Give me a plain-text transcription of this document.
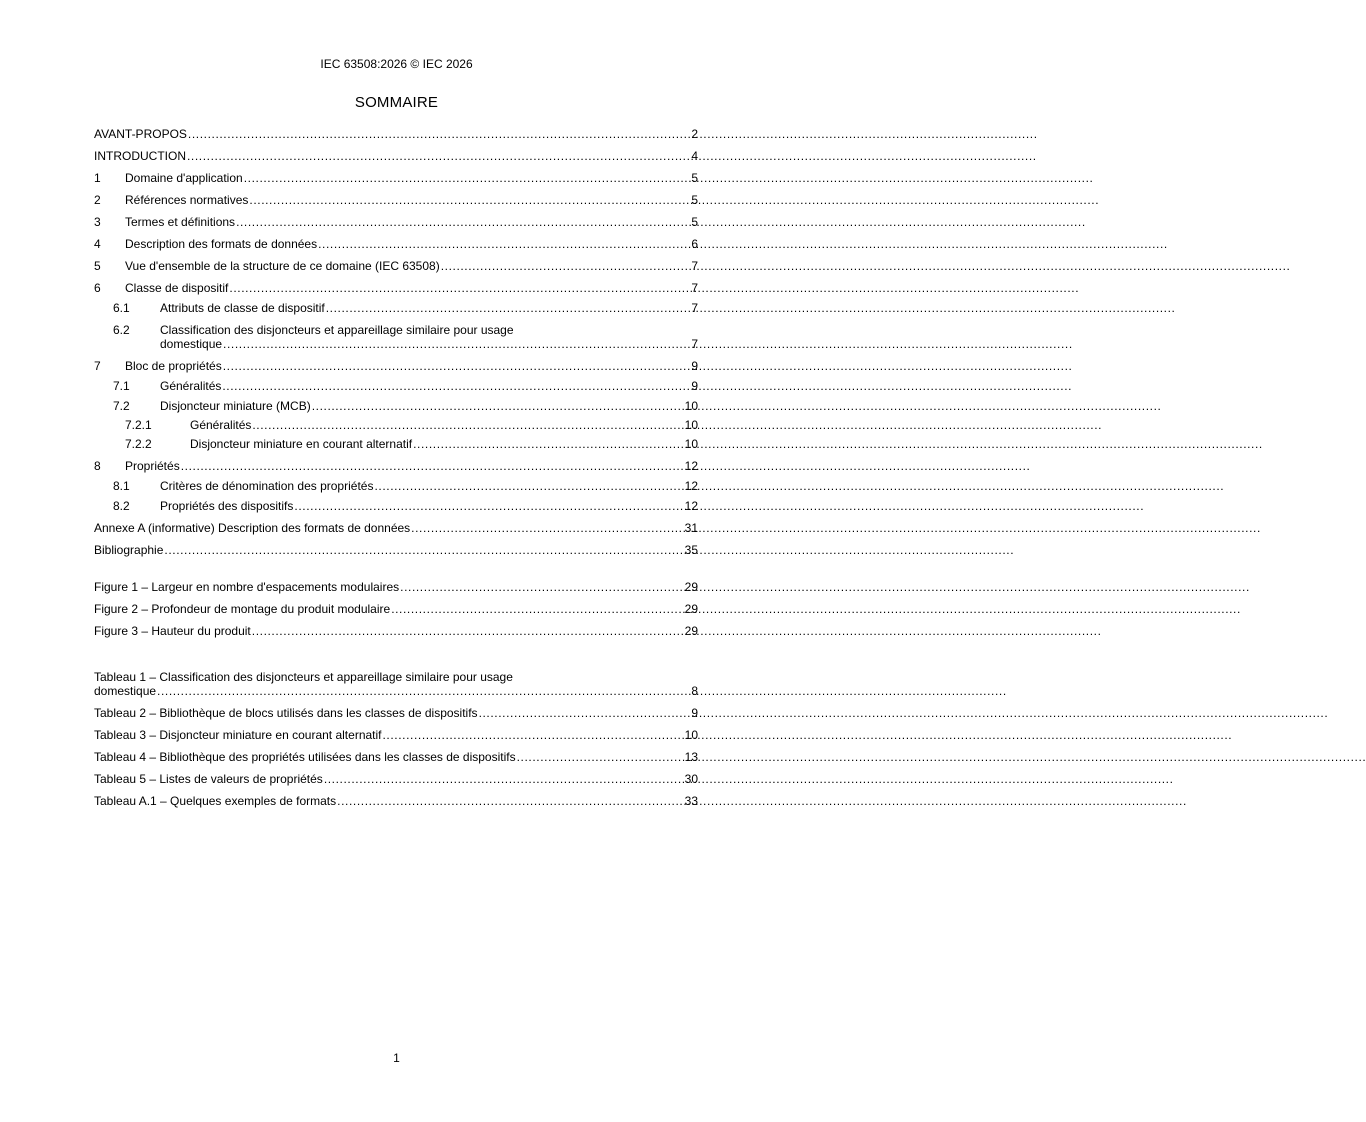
IEC 63508:2026 © IEC 2026
SOMMAIRE
AVANT-PROPOS .....	2
INTRODUCTION .....	4
1	Domaine d'application .....	5
2	Références normatives .....	5
3	Termes et définitions .....	5
4	Description des formats de données .....	6
5	Vue d'ensemble de la structure de ce domaine (IEC 63508) .....	7
6	Classe de dispositif .....	7
6.1	Attributs de classe de dispositif .....	7
6.2	Classification des disjoncteurs et appareillage similaire pour usage
domestique .....	7
7	Bloc de propriétés .....	9
7.1	Généralités .....	9
7.2	Disjoncteur miniature (MCB) .....	10
7.2.1	Généralités .....	10
7.2.2	Disjoncteur miniature en courant alternatif .....	10
8	Propriétés .....	12
8.1	Critères de dénomination des propriétés .....	12
8.2	Propriétés des dispositifs .....	12
Annexe A (informative) Description des formats de données .....	31
Bibliographie .....	35
Figure 1 – Largeur en nombre d'espacements modulaires .....	29
Figure 2 – Profondeur de montage du produit modulaire .....	29
Figure 3 – Hauteur du produit .....	29
Tableau 1 – Classification des disjoncteurs et appareillage similaire pour usage
domestique .....	8
Tableau 2 – Bibliothèque de blocs utilisés dans les classes de dispositifs .....	9
Tableau 3 – Disjoncteur miniature en courant alternatif .....	10
Tableau 4 – Bibliothèque des propriétés utilisées dans les classes de dispositifs .....	13
Tableau 5 – Listes de valeurs de propriétés .....	30
Tableau A.1 – Quelques exemples de formats .....	33
1
